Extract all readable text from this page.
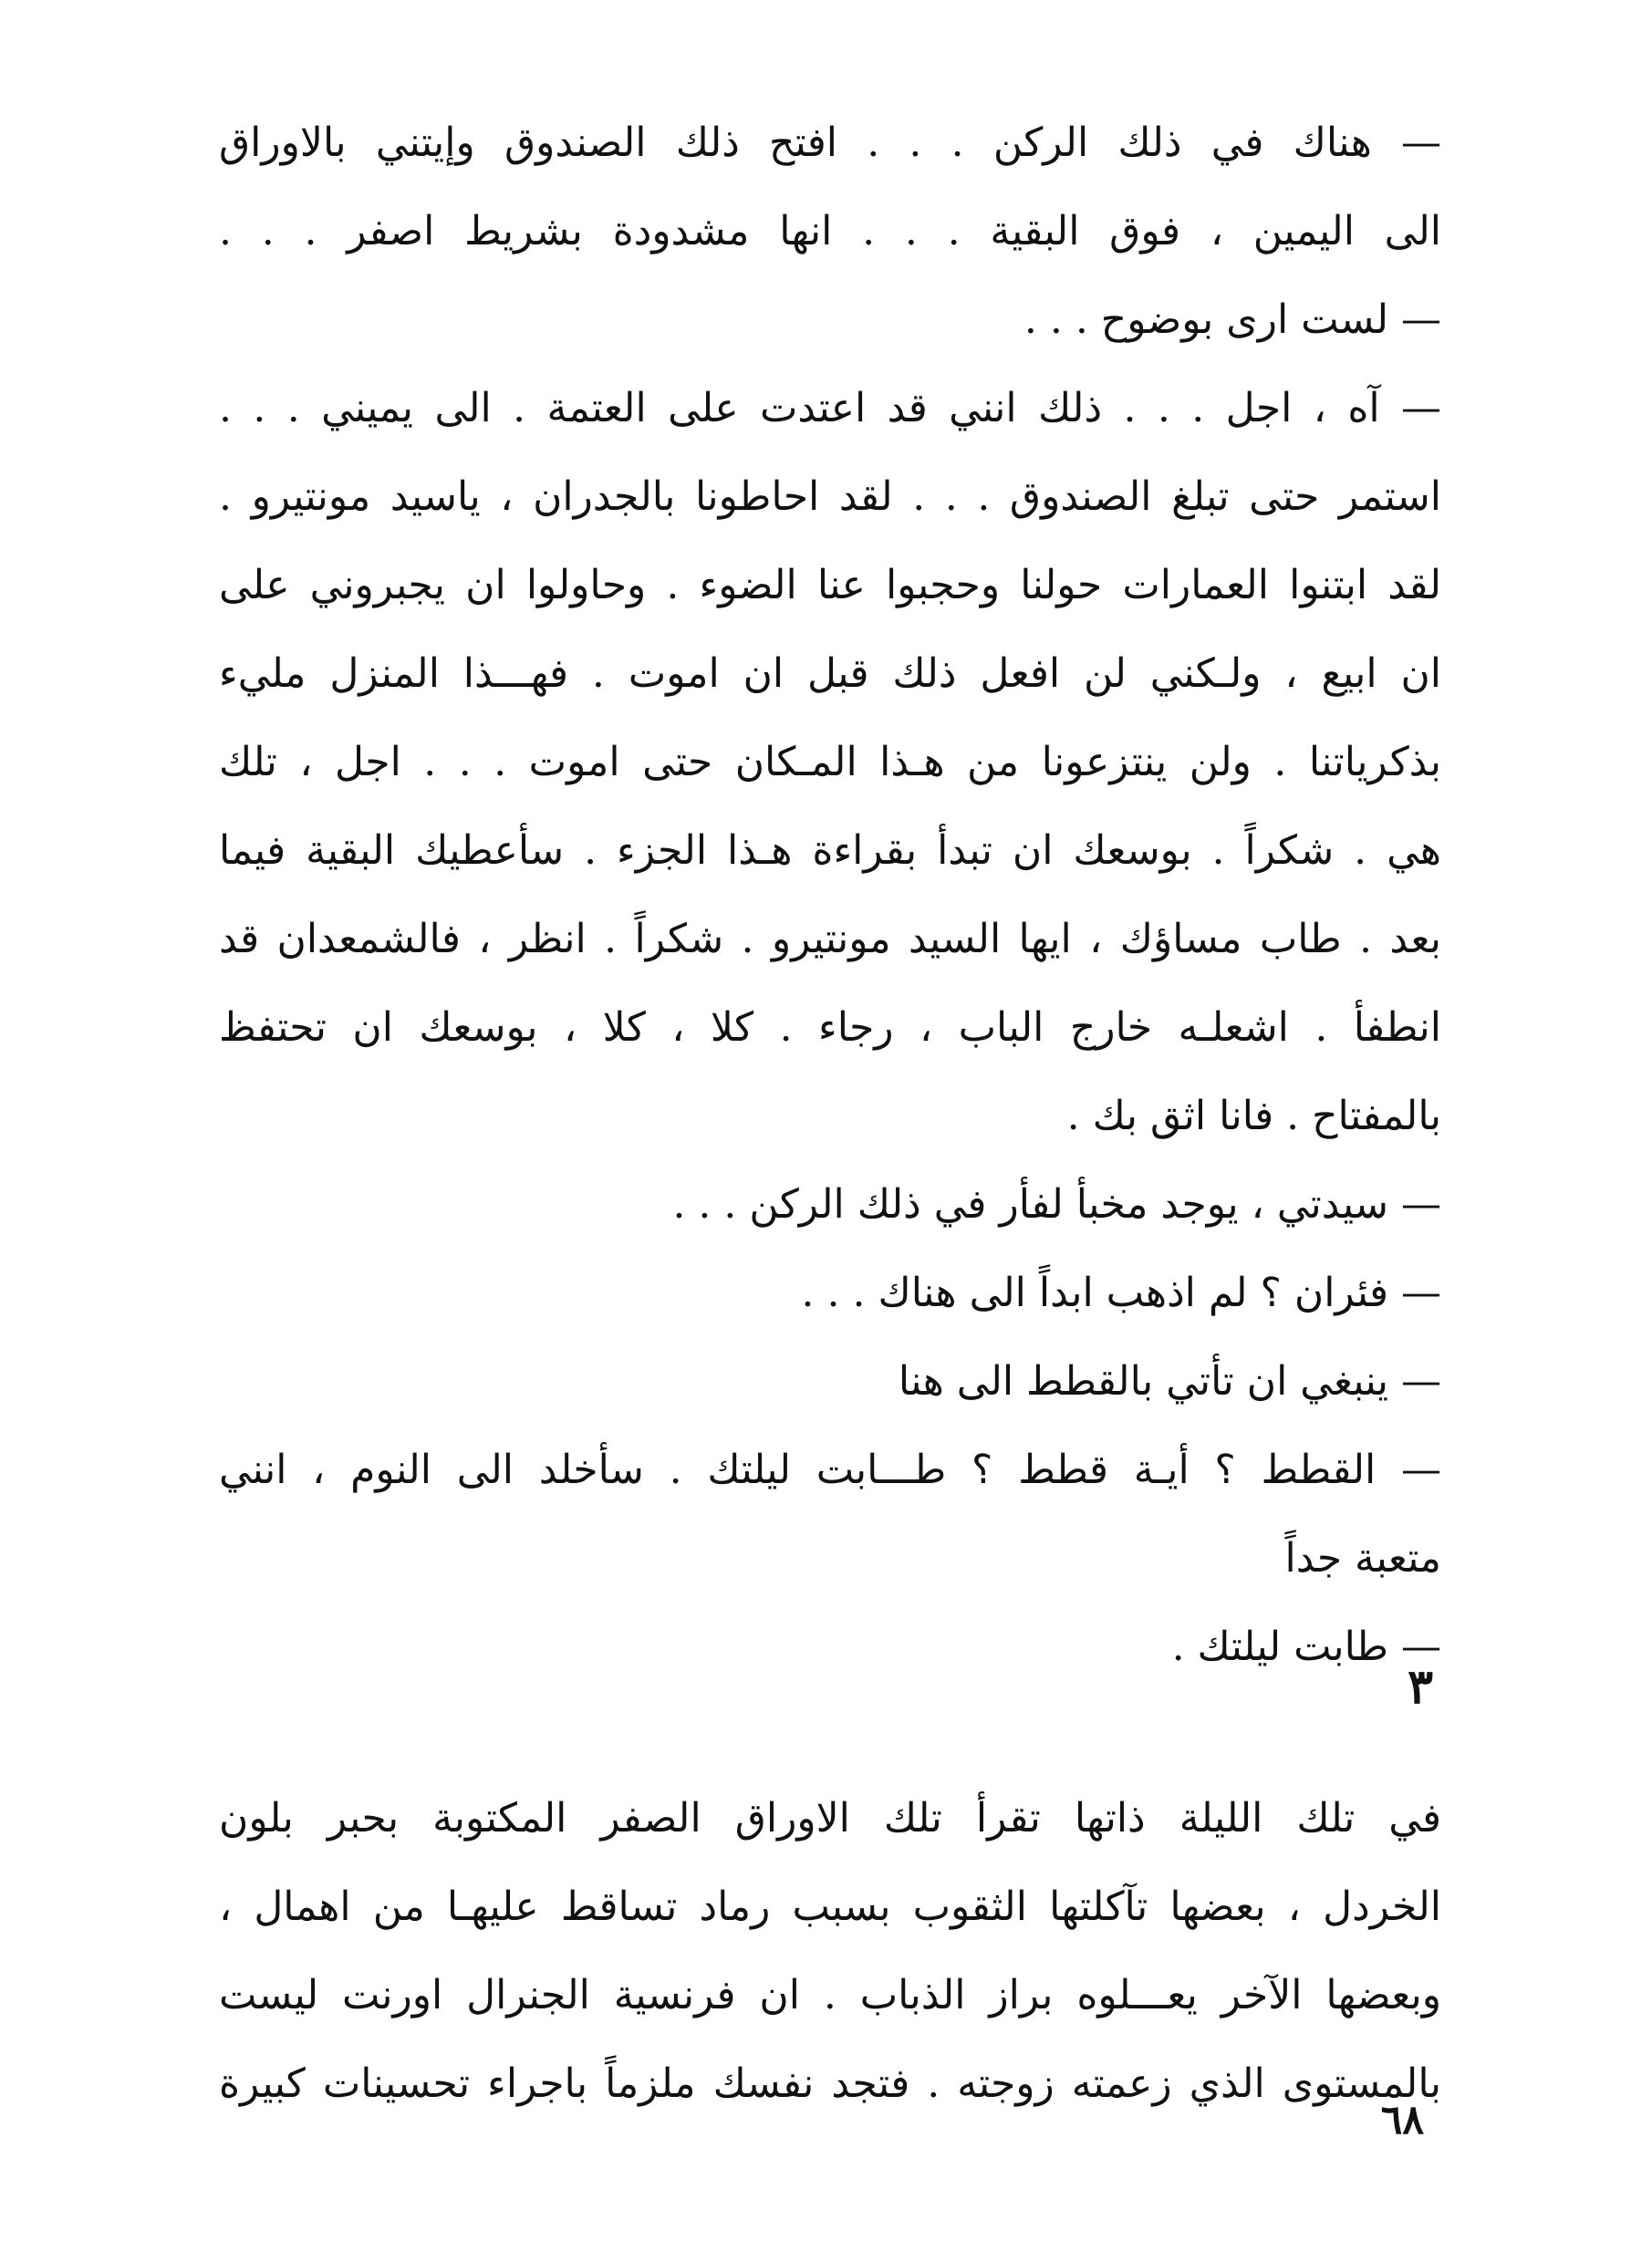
— هناك في ذلك الركن . . . افتح ذلك الصندوق وإيتني بالاوراق
الى اليمين ، فوق البقية . . . انها مشدودة بشريط اصفر . . .
— لست ارى بوضوح . . .
— آه ، اجل . . . ذلك انني قد اعتدت على العتمة . الى يميني . . .
استمر حتى تبلغ الصندوق . . . لقد احاطونا بالجدران ، ياسيد مونتيرو .
لقد ابتنوا العمارات حولنا وحجبوا عنا الضوء . وحاولوا ان يجبروني على
ان ابيع ، ولـكني لن افعل ذلك قبل ان اموت . فهـــذا المنزل مليء
بذكرياتنا . ولن ينتزعونا من هـذا المـكان حتى اموت . . . اجل ، تلك
هي . شكراً . بوسعك ان تبدأ بقراءة هـذا الجزء . سأعطيك البقية فيما
بعد . طاب مساؤك ، ايها السيد مونتيرو . شكراً . انظر ، فالشمعدان قد
انطفأ . اشعلـه خارج الباب ، رجاء . كلا ، كلا ، بوسعك ان تحتفظ
بالمفتاح . فانا اثق بك .
— سيدتي ، يوجد مخبأ لفأر في ذلك الركن . . .
— فئران ؟ لم اذهب ابداً الى هناك . . .
— ينبغي ان تأتي بالقطط الى هنا
— القطط ؟ أيـة قطط ؟ طـــابت ليلتك . سأخلد الى النوم ، انني
متعبة جداً
— طابت ليلتك .
٣
في تلك الليلة ذاتها تقرأ تلك الاوراق الصفر المكتوبة بحبر بلون
الخردل ، بعضها تآكلتها الثقوب بسبب رماد تساقط عليهـا من اهمال ،
وبعضها الآخر يعـــلوه براز الذباب . ان فرنسية الجنرال اورنت ليست
بالمستوى الذي زعمته زوجته . فتجد نفسك ملزماً باجراء تحسينات كبيرة
٦٨
